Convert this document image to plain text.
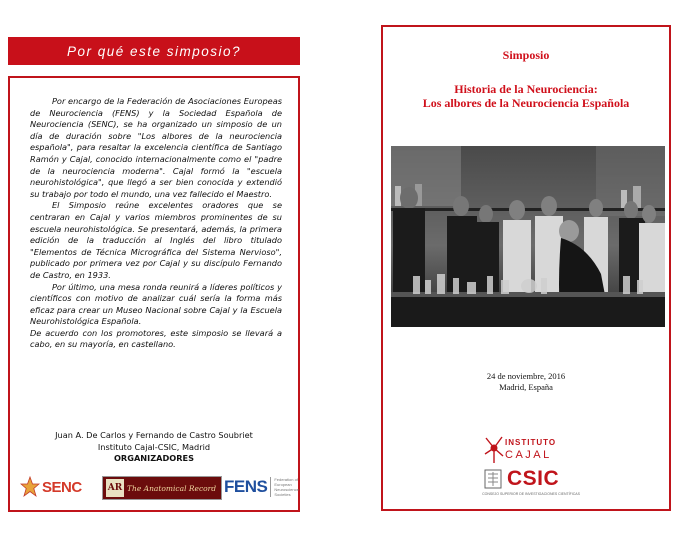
Por qué este simposio?

Por encargo de la Federación de Asociaciones Europeas de Neurociencia (FENS) y la Sociedad Española de Neurociencia (SENC), se ha organizado un simposio de un día de duración sobre "Los albores de la neurociencia española", para resaltar la excelencia científica de Santiago Ramón y Cajal, conocido internacionalmente como el "padre de la neurociencia moderna". Cajal formó la "escuela neurohistológica", que llegó a ser bien conocida y extendió su trabajo por todo el mundo, una vez fallecido el Maestro.

El Simposio reúne excelentes oradores que se centraran en Cajal y varios miembros prominentes de su escuela neurohistológica. Se presentará, además, la primera edición de la traducción al Inglés del libro titulado "Elementos de Técnica Micrográfica del Sistema Nervioso", publicado por primera vez por Cajal y su discípulo Fernando de Castro, en 1933.

Por último, una mesa ronda reunirá a líderes políticos y científicos con motivo de analizar cuál sería la forma más eficaz para crear un Museo Nacional sobre Cajal y la Escuela Neurohistológica Española.

De acuerdo con los promotores, este simposio se llevará a cabo, en su mayoría, en castellano.

Juan A. De Carlos y Fernando de Castro Soubriet
Instituto Cajal-CSIC, Madrid
ORGANIZADORES
SENC	AR The Anatomical Record FENS	Federation of European Neuroscience Societies
Simposio
Historia de la Neurociencia:
Los albores de la Neurociencia Española
24 de noviembre, 2016
Madrid, España
INSTITUTO
CAJAL
CSIC
CONSEJO SUPERIOR DE INVESTIGACIONES CIENTÍFICAS
